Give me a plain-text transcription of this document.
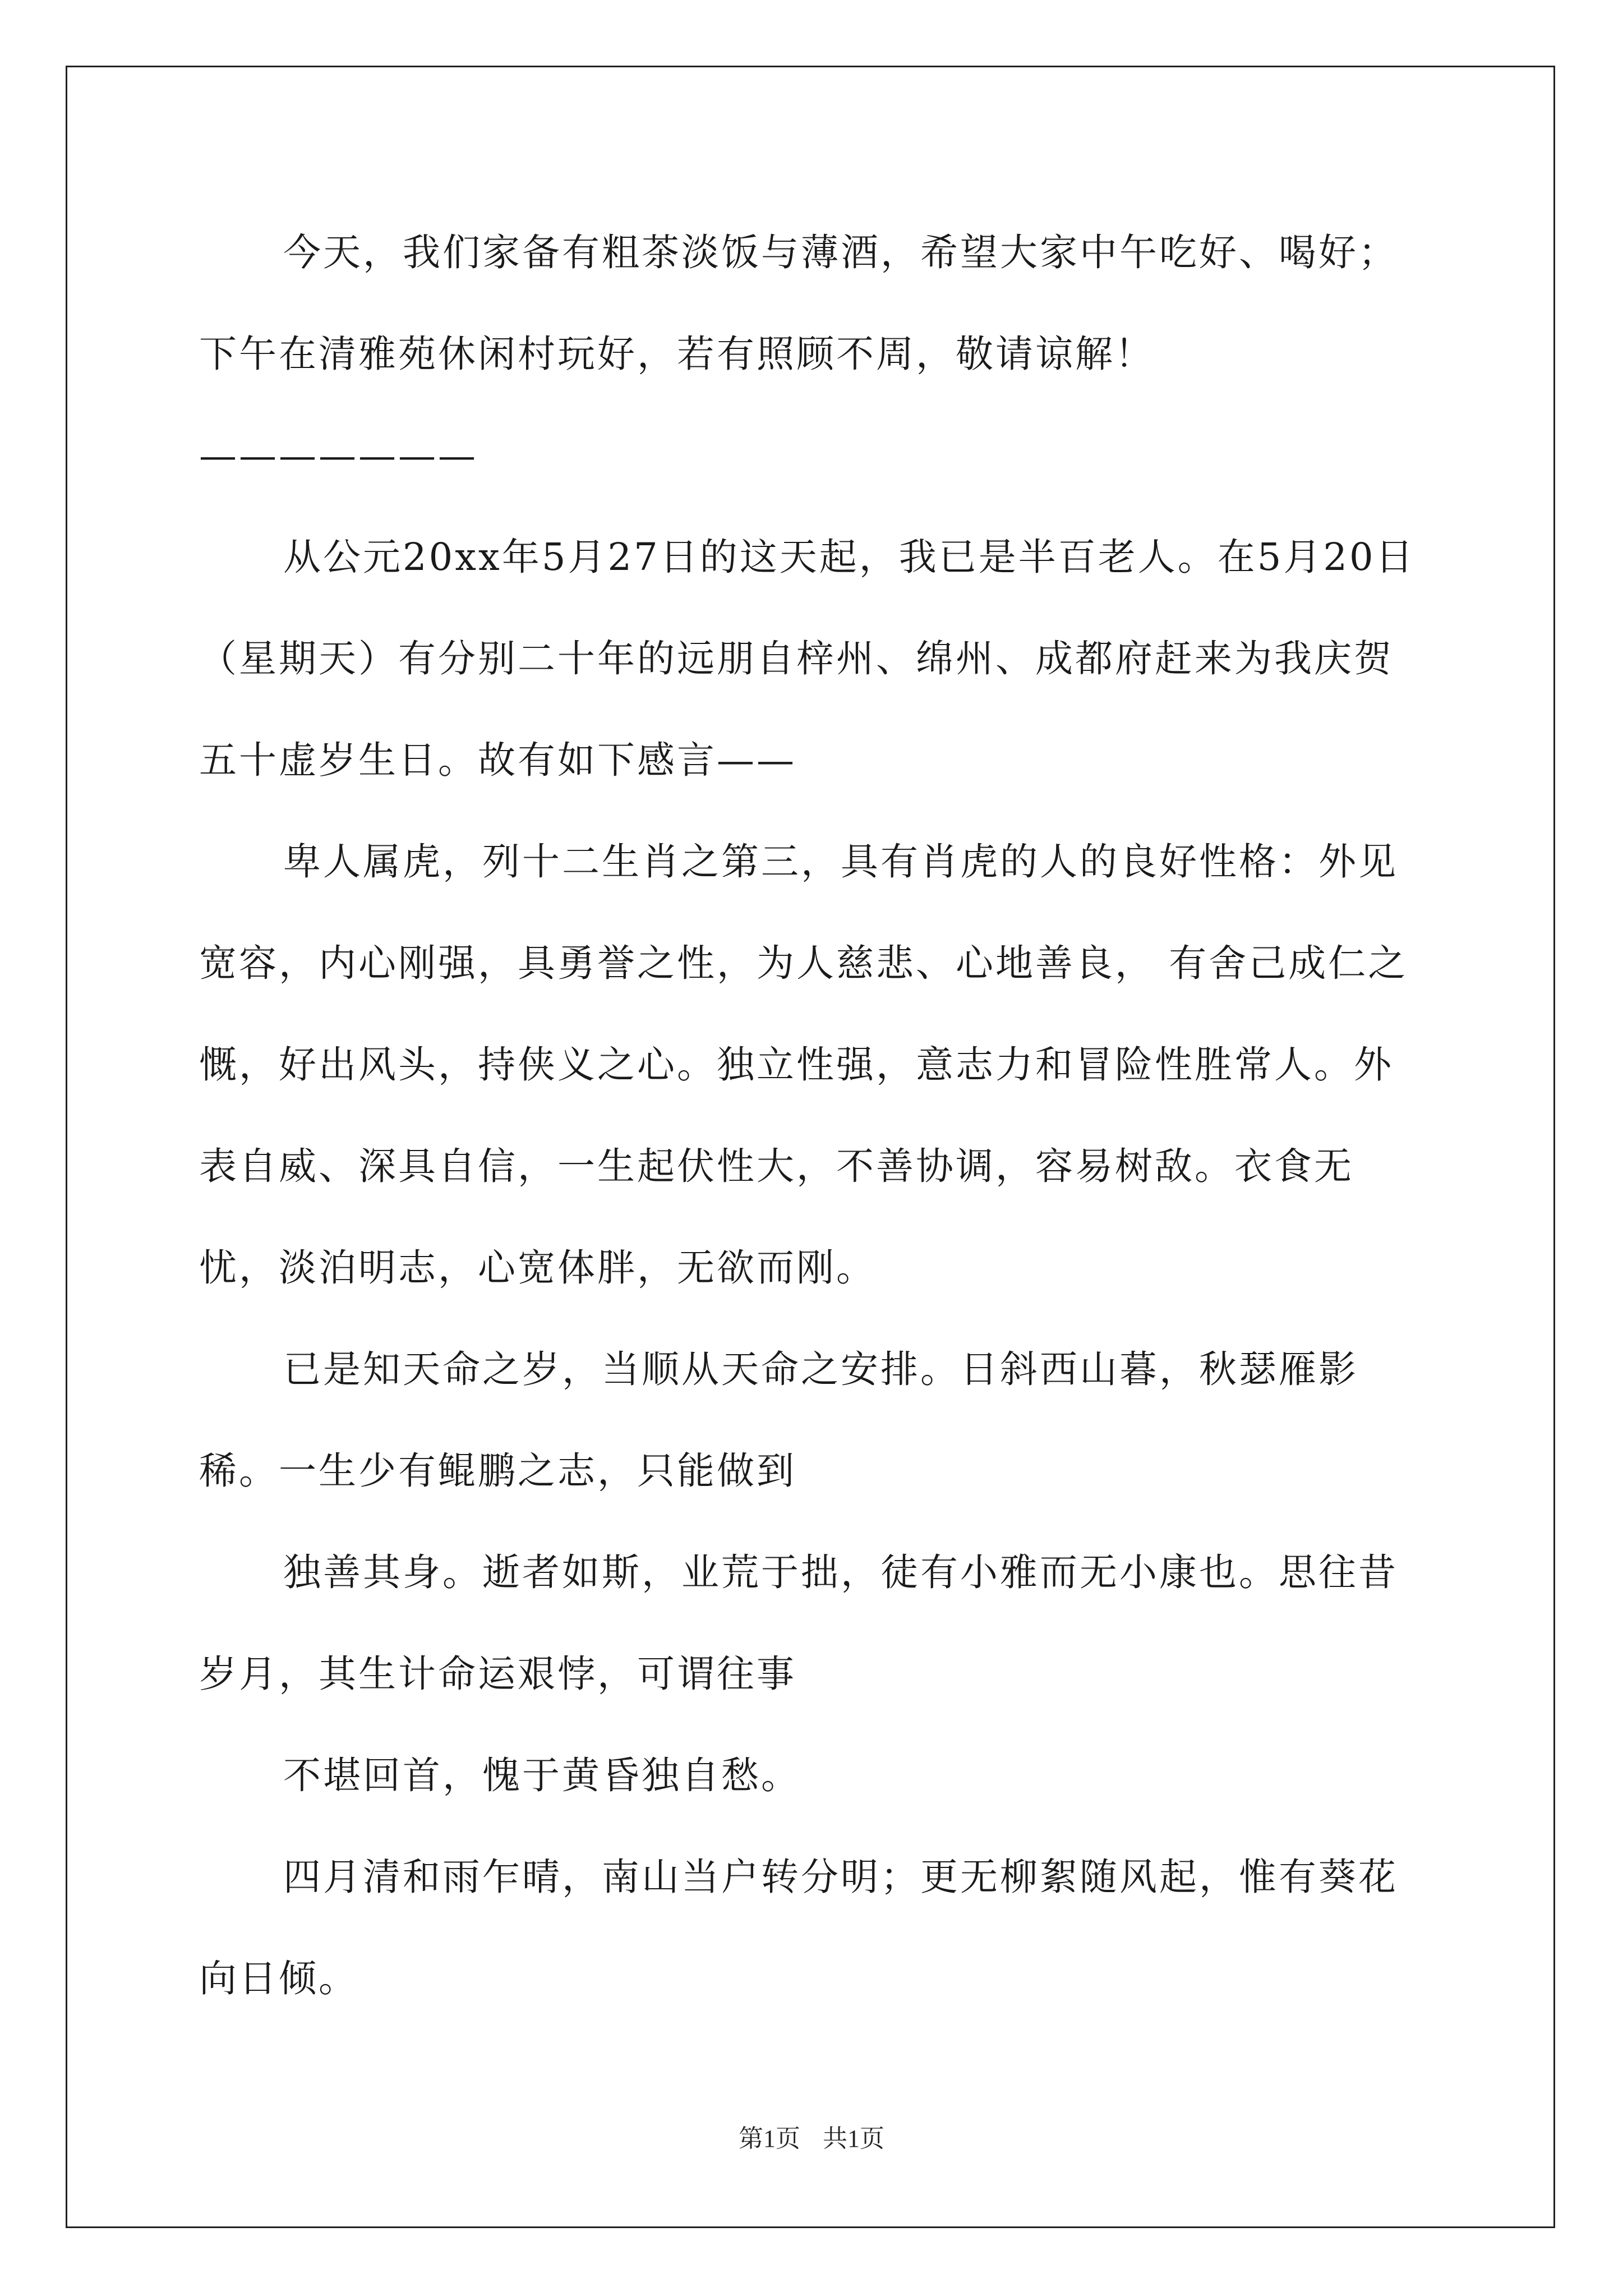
今天，我们家备有粗茶淡饭与薄酒，希望大家中午吃好、喝好；下午在清雅苑休闲村玩好，若有照顾不周，敬请谅解！———————

从公元20xx年5月27日的这天起，我已是半百老人。在5月20日（星期天）有分别二十年的远朋自梓州、绵州、成都府赶来为我庆贺五十虚岁生日。故有如下感言——

卑人属虎，列十二生肖之第三，具有肖虎的人的良好性格：外见宽容，内心刚强，具勇誉之性，为人慈悲、心地善良， 有舍己成仁之慨，好出风头，持侠义之心。独立性强，意志力和冒险性胜常人。外表自威、深具自信，一生起伏性大，不善协调，容易树敌。衣食无忧，淡泊明志，心宽体胖，无欲而刚。

已是知天命之岁，当顺从天命之安排。日斜西山暮，秋瑟雁影稀。一生少有鲲鹏之志，只能做到

独善其身。逝者如斯，业荒于拙，徒有小雅而无小康也。思往昔岁月，其生计命运艰悖，可谓往事

不堪回首，愧于黄昏独自愁。

四月清和雨乍晴，南山当户转分明；更无柳絮随风起，惟有葵花向日倾。

第1页 共1页
